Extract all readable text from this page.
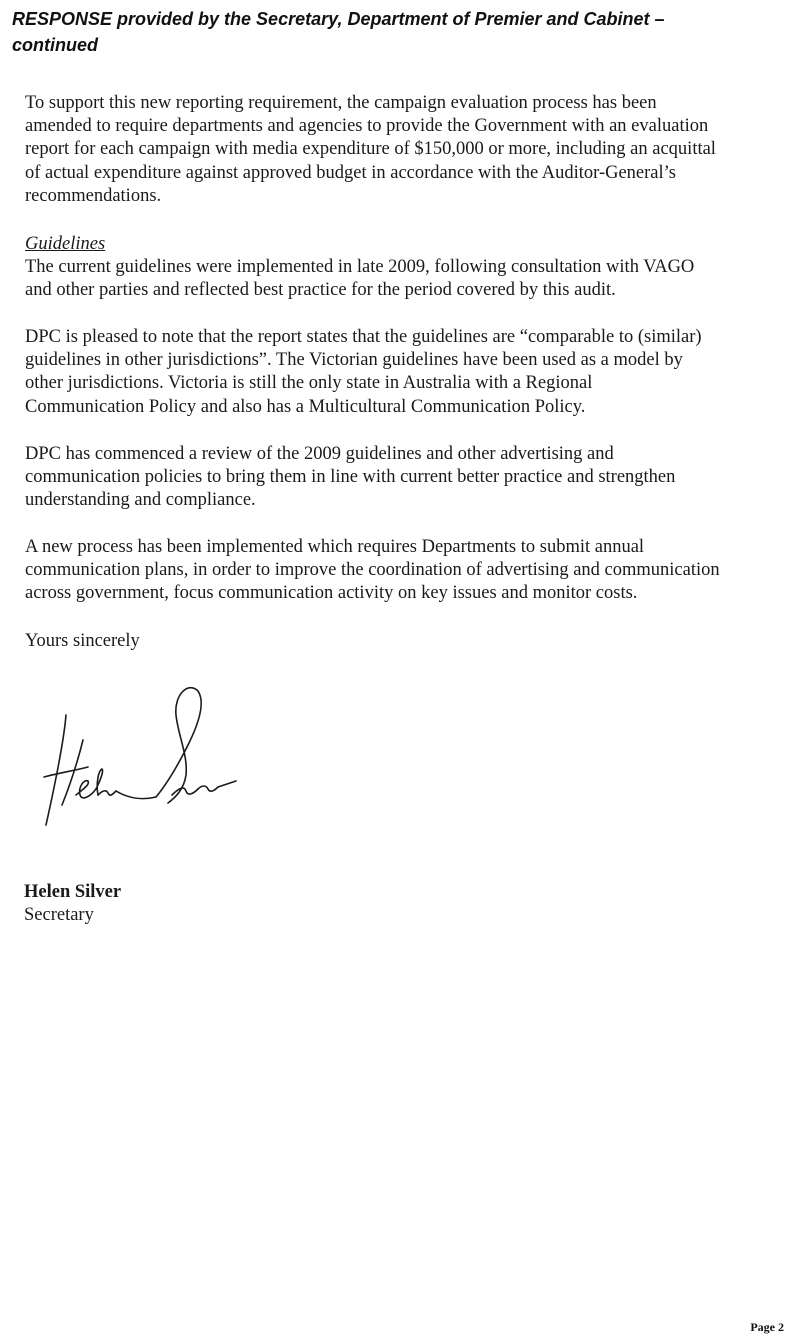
RESPONSE provided by the Secretary, Department of Premier and Cabinet –
continued

To support this new reporting requirement, the campaign evaluation process has been

amended to require departments and agencies to provide the Government with an evaluation

report for each campaign with media expenditure of $150,000 or more, including an acquittal

of actual expenditure against approved budget in accordance with the Auditor-General’s

recommendations.

Guidelines

The current guidelines were implemented in late 2009, following consultation with VAGO

and other parties and reflected best practice for the period covered by this audit.

DPC is pleased to note that the report states that the guidelines are “comparable to (similar)

guidelines in other jurisdictions”. The Victorian guidelines have been used as a model by

other jurisdictions. Victoria is still the only state in Australia with a Regional

Communication Policy and also has a Multicultural Communication Policy.

DPC has commenced a review of the 2009 guidelines and other advertising and

communication policies to bring them in line with current better practice and strengthen

understanding and compliance.

A new process has been implemented which requires Departments to submit annual

communication plans, in order to improve the coordination of advertising and communication

across government, focus communication activity on key issues and monitor costs.

Yours sincerely

Helen Silver
Secretary
Page 2
